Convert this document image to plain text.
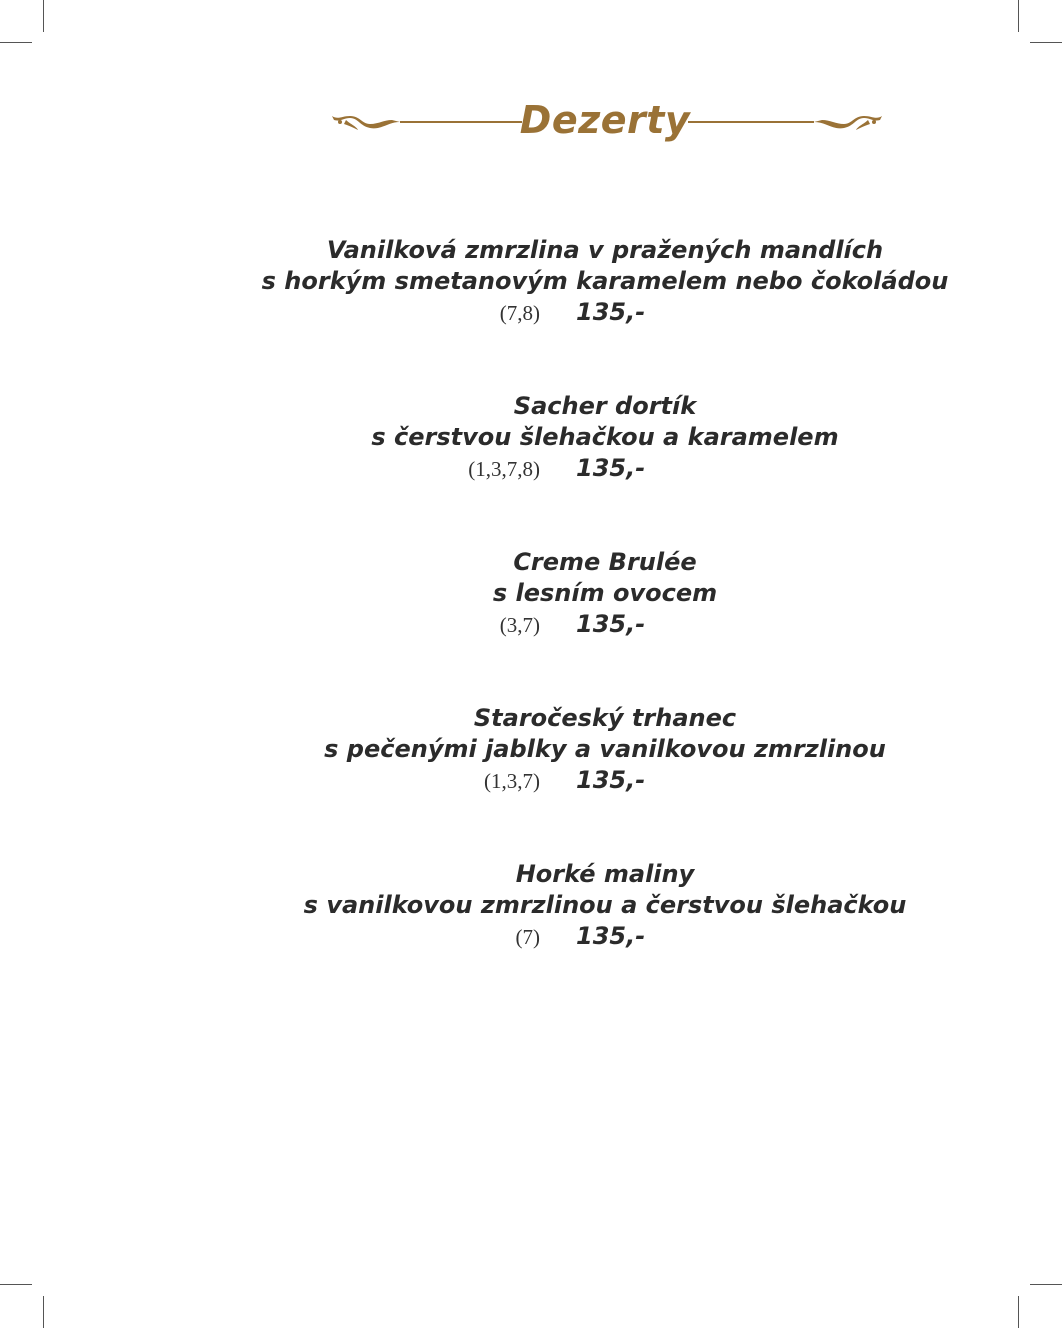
Dezerty
Vanilková zmrzlina v pražených mandlích
s horkým smetanovým karamelem nebo čokoládou
(7,8) 135,-
Sacher dortík
s čerstvou šlehačkou a karamelem
(1,3,7,8) 135,-
Creme Brulée
s lesním ovocem
(3,7) 135,-
Staročeský trhanec
s pečenými jablky a vanilkovou zmrzlinou
(1,3,7) 135,-
Horké maliny
s vanilkovou zmrzlinou a čerstvou šlehačkou
(7) 135,-
